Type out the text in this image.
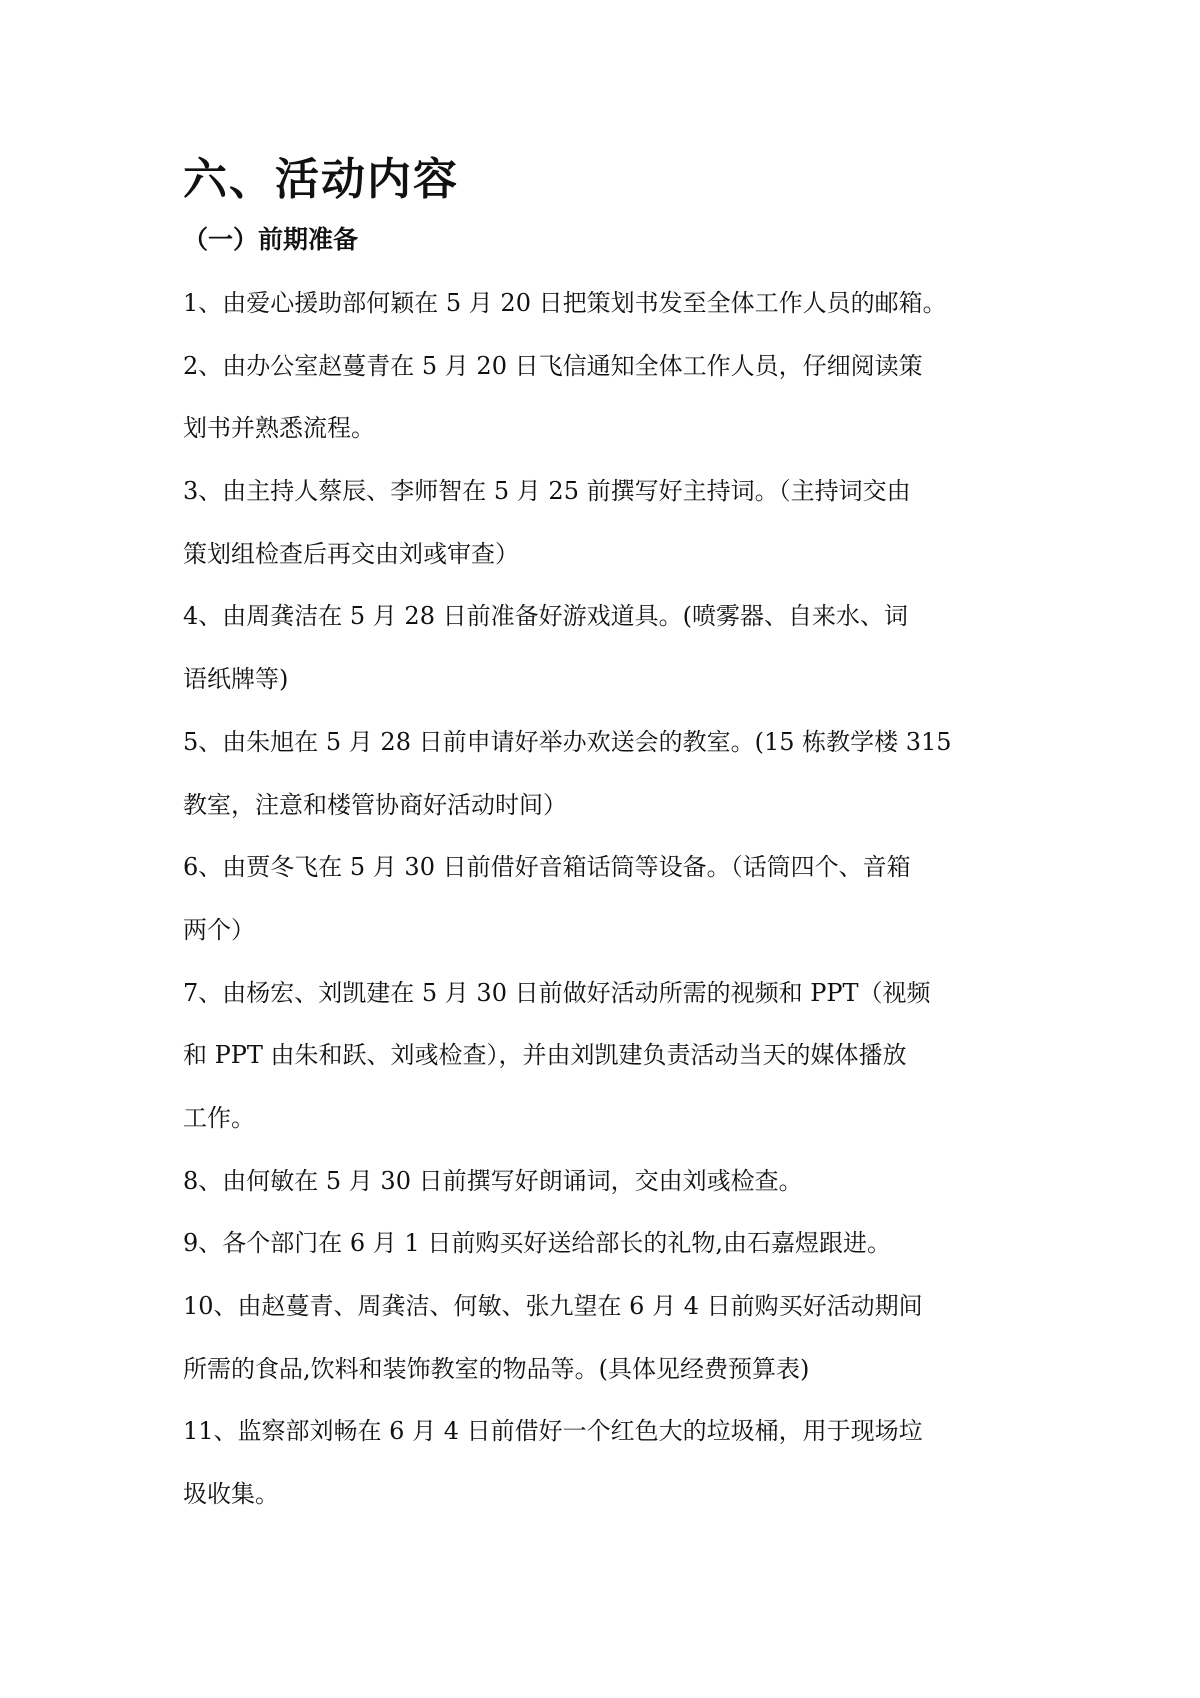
六、活动内容
（一）前期准备
1、由爱心援助部何颖在 5 月 20 日把策划书发至全体工作人员的邮箱。
2、由办公室赵蔓青在 5 月 20 日飞信通知全体工作人员，仔细阅读策
划书并熟悉流程。
3、由主持人蔡辰、李师智在 5 月 25 前撰写好主持词。（主持词交由
策划组检查后再交由刘彧审查）
4、由周龚洁在 5 月 28 日前准备好游戏道具。(喷雾器、自来水、词
语纸牌等)
5、由朱旭在 5 月 28 日前申请好举办欢送会的教室。(15 栋教学楼 315
教室，注意和楼管协商好活动时间）
6、由贾冬飞在 5 月 30 日前借好音箱话筒等设备。（话筒四个、音箱
两个）
7、由杨宏、刘凯建在 5 月 30 日前做好活动所需的视频和 PPT（视频
和 PPT 由朱和跃、刘彧检查），并由刘凯建负责活动当天的媒体播放
工作。
8、由何敏在 5 月 30 日前撰写好朗诵词，交由刘彧检查。
9、各个部门在 6 月 1 日前购买好送给部长的礼物,由石嘉煜跟进。
10、由赵蔓青、周龚洁、何敏、张九望在 6 月 4 日前购买好活动期间
所需的食品,饮料和装饰教室的物品等。(具体见经费预算表)
11、监察部刘畅在 6 月 4 日前借好一个红色大的垃圾桶，用于现场垃
圾收集。
